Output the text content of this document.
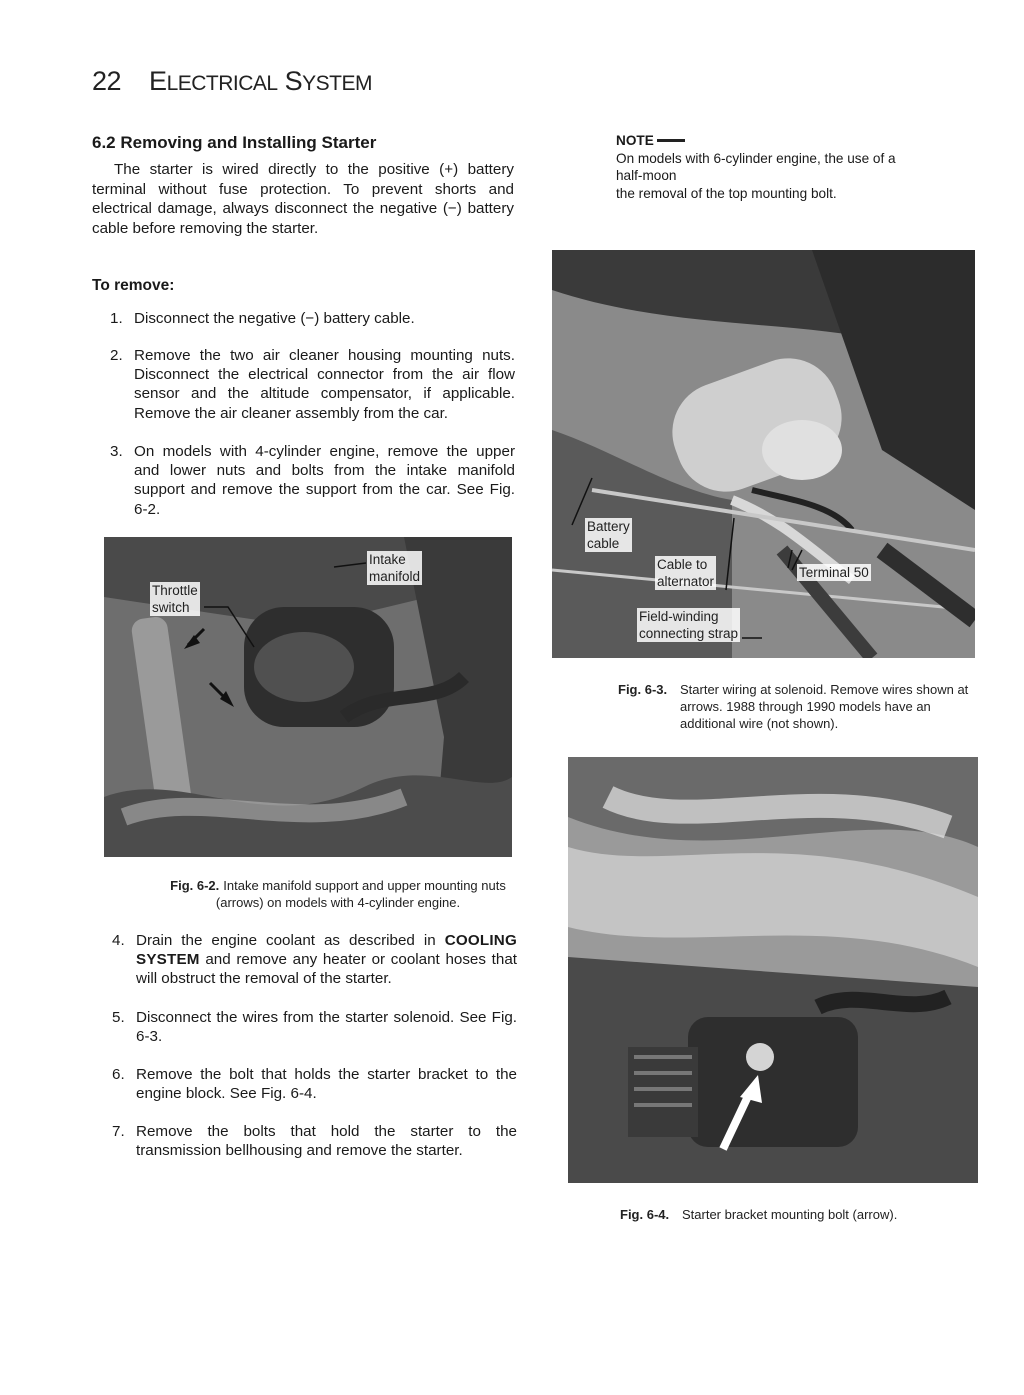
22 ELECTRICAL SYSTEM
6.2 Removing and Installing Starter

The starter is wired directly to the positive (+) battery terminal without fuse protection. To prevent shorts and electrical damage, always disconnect the negative (−) battery cable before removing the starter.

To remove:
1. Disconnect the negative (−) battery cable.
2. Remove the two air cleaner housing mounting nuts. Disconnect the electrical connector from the air flow sensor and the altitude compensator, if applicable. Remove the air cleaner assembly from the car.
3. On models with 4-cylinder engine, remove the upper and lower nuts and bolts from the intake manifold support and remove the support from the car. See Fig. 6-2.
Intake
manifold
Throttle
switch
Fig. 6-2. Intake manifold support and upper mounting nuts
(arrows) on models with 4-cylinder engine.
4. Drain the engine coolant as described in COOLING SYSTEM and remove any heater or coolant hoses that will obstruct the removal of the starter.
5. Disconnect the wires from the starter solenoid. See Fig. 6-3.
6. Remove the bolt that holds the starter bracket to the engine block. See Fig. 6-4.
7. Remove the bolts that hold the starter to the transmission bellhousing and remove the starter.
NOTE
On models with 6-cylinder engine, the use of a
half-moon
the removal of the top mounting bolt.
Battery
cable
Cable to
alternator
Terminal 50
Field-winding
connecting strap
Fig. 6-3. Starter wiring at solenoid. Remove wires shown at arrows. 1988 through 1990 models have an additional wire (not shown).
Fig. 6-4. Starter bracket mounting bolt (arrow).
